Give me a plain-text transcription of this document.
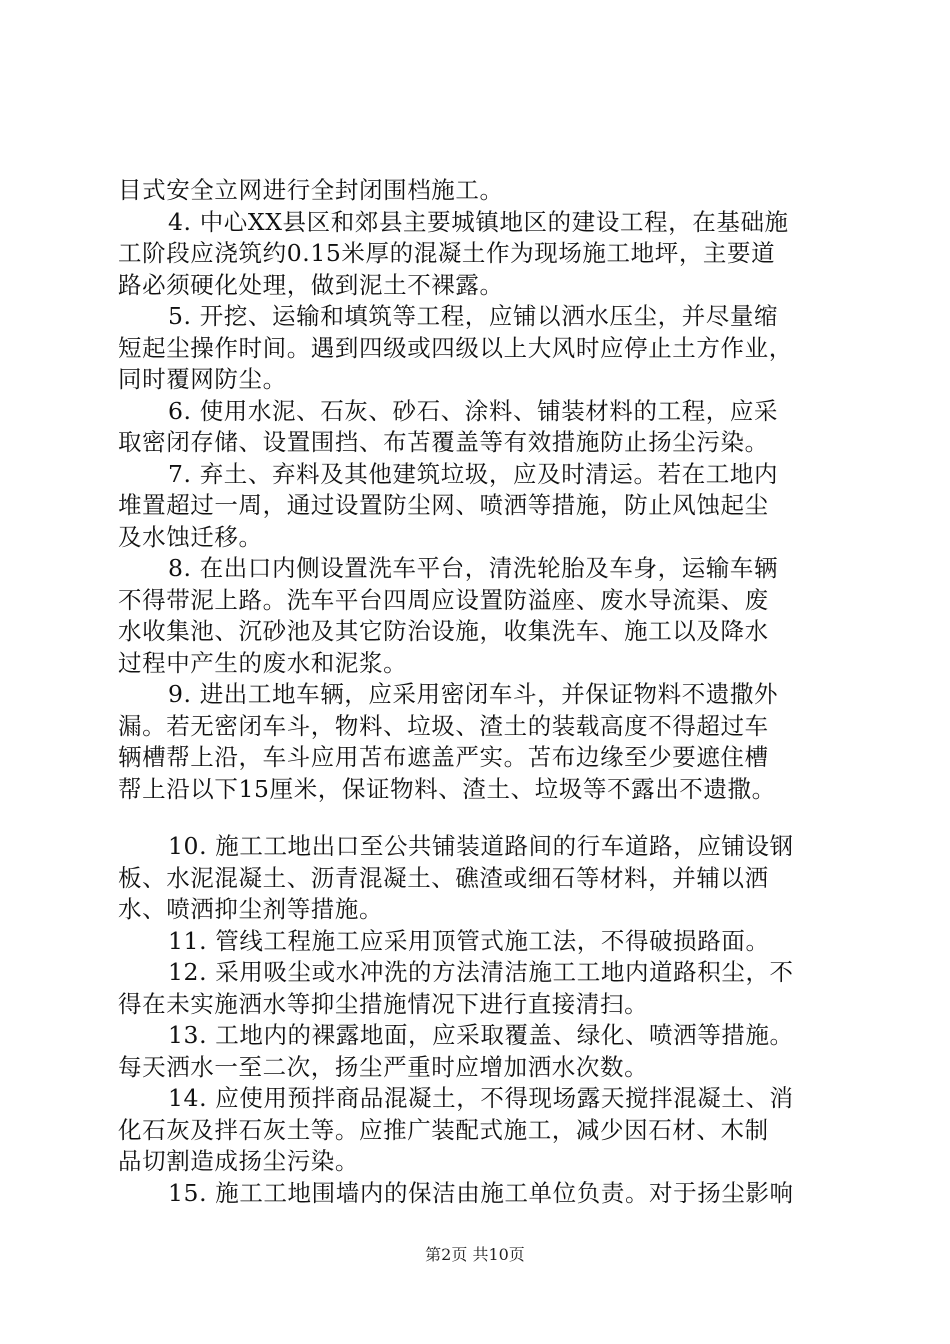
目式安全立网进行全封闭围档施工。
4. 中心XX县区和郊县主要城镇地区的建设工程，在基础施
工阶段应浇筑约0.15米厚的混凝土作为现场施工地坪，主要道
路必须硬化处理，做到泥土不裸露。
5. 开挖、运输和填筑等工程，应铺以洒水压尘，并尽量缩
短起尘操作时间。遇到四级或四级以上大风时应停止土方作业，
同时覆网防尘。
6. 使用水泥、石灰、砂石、涂料、铺装材料的工程，应采
取密闭存储、设置围挡、布苫覆盖等有效措施防止扬尘污染。
7. 弃土、弃料及其他建筑垃圾，应及时清运。若在工地内
堆置超过一周，通过设置防尘网、喷洒等措施，防止风蚀起尘
及水蚀迁移。
8. 在出口内侧设置洗车平台，清洗轮胎及车身，运输车辆
不得带泥上路。洗车平台四周应设置防溢座、废水导流渠、废
水收集池、沉砂池及其它防治设施，收集洗车、施工以及降水
过程中产生的废水和泥浆。
9. 进出工地车辆，应采用密闭车斗，并保证物料不遗撒外
漏。若无密闭车斗，物料、垃圾、渣土的装载高度不得超过车
辆槽帮上沿，车斗应用苫布遮盖严实。苫布边缘至少要遮住槽
帮上沿以下15厘米，保证物料、渣土、垃圾等不露出不遗撒。
10. 施工工地出口至公共铺装道路间的行车道路，应铺设钢
板、水泥混凝土、沥青混凝土、礁渣或细石等材料，并辅以洒
水、喷洒抑尘剂等措施。
11. 管线工程施工应采用顶管式施工法，不得破损路面。
12. 采用吸尘或水冲洗的方法清洁施工工地内道路积尘，不
得在未实施洒水等抑尘措施情况下进行直接清扫。
13. 工地内的裸露地面，应采取覆盖、绿化、喷洒等措施。
每天洒水一至二次，扬尘严重时应增加洒水次数。
14. 应使用预拌商品混凝土，不得现场露天搅拌混凝土、消
化石灰及拌石灰土等。应推广装配式施工，减少因石材、木制
品切割造成扬尘污染。
15. 施工工地围墙内的保洁由施工单位负责。对于扬尘影响
第2页 共10页
